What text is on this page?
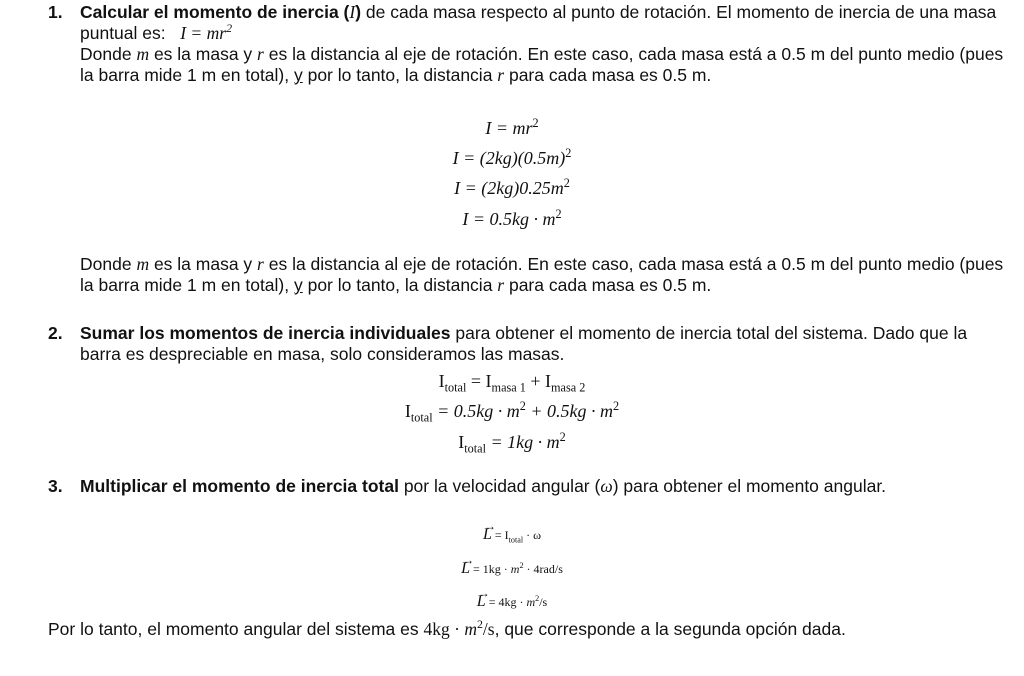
1. Calcular el momento de inercia (I) de cada masa respecto al punto de rotación. El momento de inercia de una masa puntual es: $I = mr^2$
Donde m es la masa y r es la distancia al eje de rotación. En este caso, cada masa está a 0.5 m del punto medio (pues la barra mide 1 m en total), y por lo tanto, la distancia r para cada masa es 0.5 m.
$I = mr^2$
$I = (2kg)(0.5m)^2$
$I = (2kg)0.25m^2$
$I = 0.5kg \cdot m^2$
Donde m es la masa y r es la distancia al eje de rotación. En este caso, cada masa está a 0.5 m del punto medio (pues la barra mide 1 m en total), y por lo tanto, la distancia r para cada masa es 0.5 m.
2. Sumar los momentos de inercia individuales para obtener el momento de inercia total del sistema. Dado que la barra es despreciable en masa, solo consideramos las masas.
$I_{total} = I_{masa 1} + I_{masa 2}$
$I_{total} = 0.5kg \cdot m^2 + 0.5kg \cdot m^2$
$I_{total} = 1kg \cdot m^2$
3. Multiplicar el momento de inercia total por la velocidad angular (ω) para obtener el momento angular.
→ $L = I_{total} \cdot \omega$
→ $L = 1kg \cdot m^2 \cdot 4rad/s$
→ $L = 4kg \cdot m^2/s$
Por lo tanto, el momento angular del sistema es $4kg \cdot m^2/s$, que corresponde a la segunda opción dada.
